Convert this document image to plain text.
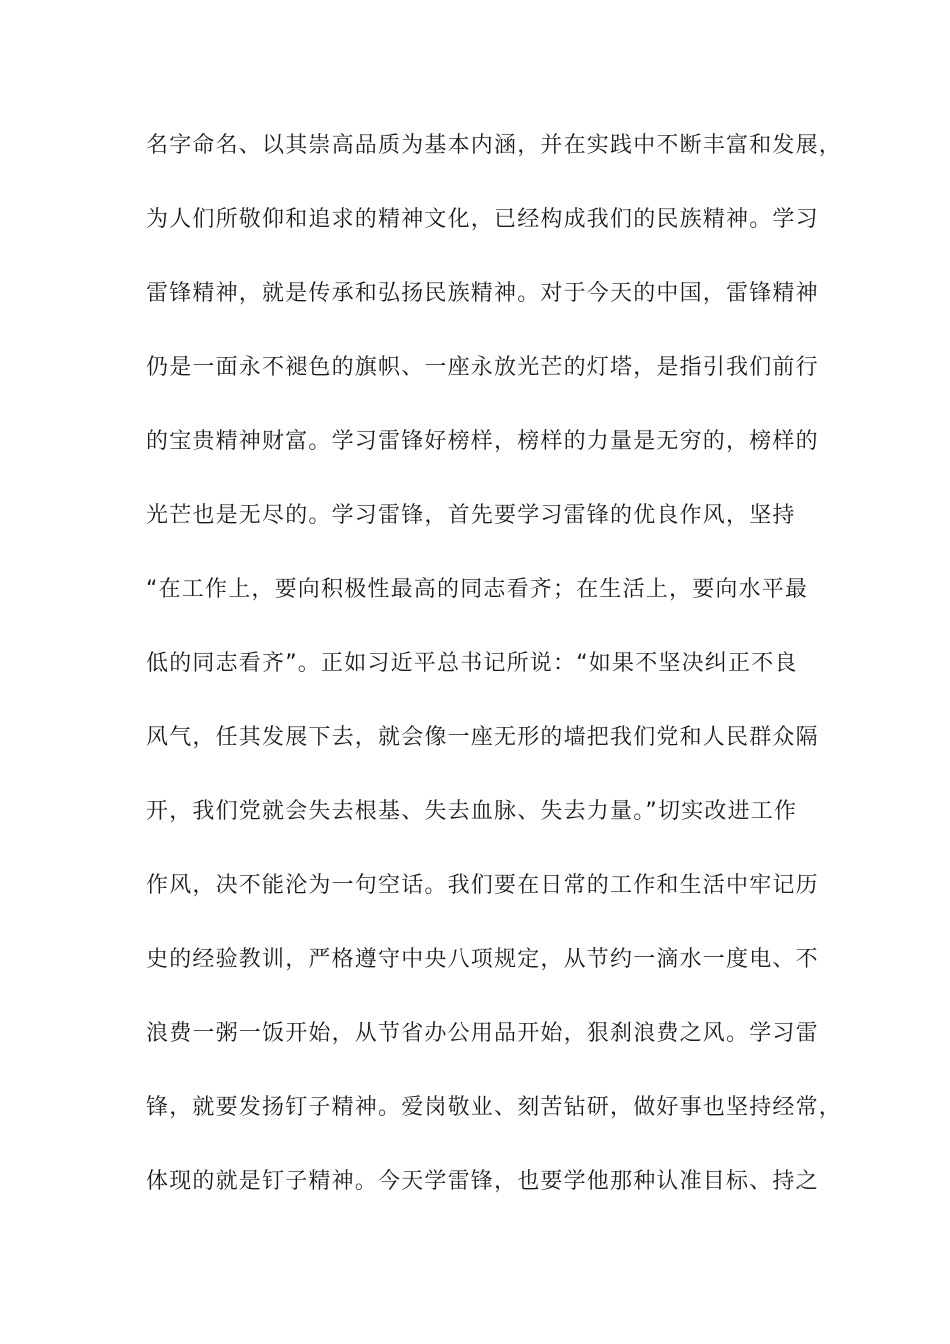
名字命名、以其崇高品质为基本内涵，并在实践中不断丰富和发展，
为人们所敬仰和追求的精神文化，已经构成我们的民族精神。学习
雷锋精神，就是传承和弘扬民族精神。对于今天的中国，雷锋精神
仍是一面永不褪色的旗帜、一座永放光芒的灯塔，是指引我们前行
的宝贵精神财富。学习雷锋好榜样，榜样的力量是无穷的，榜样的
光芒也是无尽的。学习雷锋，首先要学习雷锋的优良作风，坚持
“在工作上，要向积极性最高的同志看齐；在生活上，要向水平最
低的同志看齐”。正如习近平总书记所说：“如果不坚决纠正不良
风气，任其发展下去，就会像一座无形的墙把我们党和人民群众隔
开，我们党就会失去根基、失去血脉、失去力量。”切实改进工作
作风，决不能沦为一句空话。我们要在日常的工作和生活中牢记历
史的经验教训，严格遵守中央八项规定，从节约一滴水一度电、不
浪费一粥一饭开始，从节省办公用品开始，狠刹浪费之风。学习雷
锋，就要发扬钉子精神。爱岗敬业、刻苦钻研，做好事也坚持经常，
体现的就是钉子精神。今天学雷锋，也要学他那种认准目标、持之
